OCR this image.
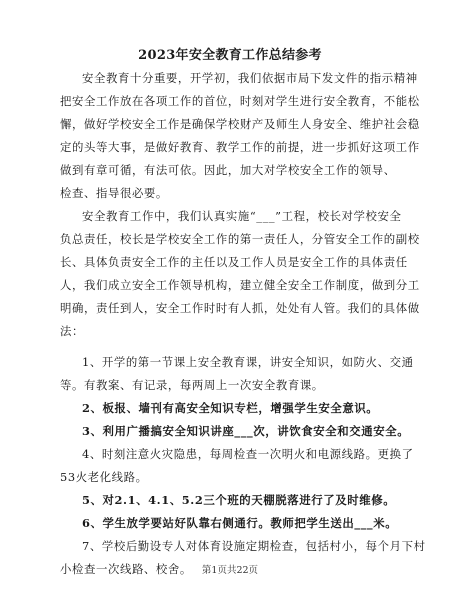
2023年安全教育工作总结参考
安全教育十分重要，开学初，我们依据市局下发文件的指示精神
把安全工作放在各项工作的首位，时刻对学生进行安全教育，不能松
懈，做好学校安全工作是确保学校财产及师生人身安全、维护社会稳
定的头等大事，是做好教育、教学工作的前提，进一步抓好这项工作
做到有章可循，有法可依。因此，加大对学校安全工作的领导、
检查、指导很必要。
安全教育工作中，我们认真实施“___”工程，校长对学校安全
负总责任，校长是学校安全工作的第一责任人，分管安全工作的副校
长、具体负责安全工作的主任以及工作人员是安全工作的具体责任
人，我们成立安全工作领导机构，建立健全安全工作制度，做到分工
明确，责任到人，安全工作时时有人抓，处处有人管。我们的具体做
法：
1、开学的第一节课上安全教育课，讲安全知识，如防火、交通
等。有教案、有记录，每两周上一次安全教育课。
2、板报、墙刊有高安全知识专栏，增强学生安全意识。
3、利用广播搞安全知识讲座___次，讲饮食安全和交通安全。
4、时刻注意火灾隐患，每周检查一次明火和电源线路。更换了
53火老化线路。
5、对2.1、4.1、5.2三个班的天棚脱落进行了及时维修。
6、学生放学要站好队靠右侧通行。教师把学生送出___米。
7、学校后勤设专人对体育设施定期检查，包括村小，每个月下村
小检查一次线路、校舍。	第1页共22页
